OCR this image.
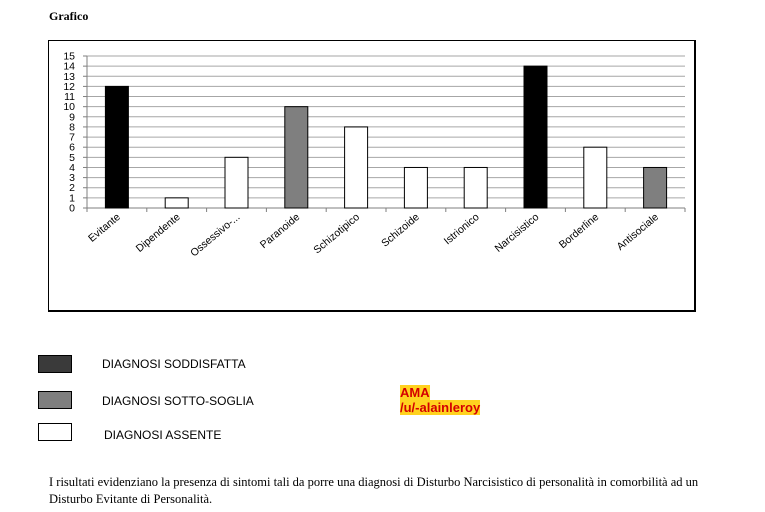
Grafico
0
1
2
3
4
5
6
7
8
9
10
11
12
13
14
15
Evitante Dipendente Ossessivo-... Paranoide Schizotipico Schizoide Istrionico Narcisistico Borderline Antisociale
DIAGNOSI SODDISFATTA
DIAGNOSI SOTTO-SOGLIA
DIAGNOSI ASSENTE
AMA
/u/-alainleroy
I risultati evidenziano la presenza di sintomi tali da porre una diagnosi di Disturbo Narcisistico di personalità in comorbilità ad un Disturbo Evitante di Personalità.
